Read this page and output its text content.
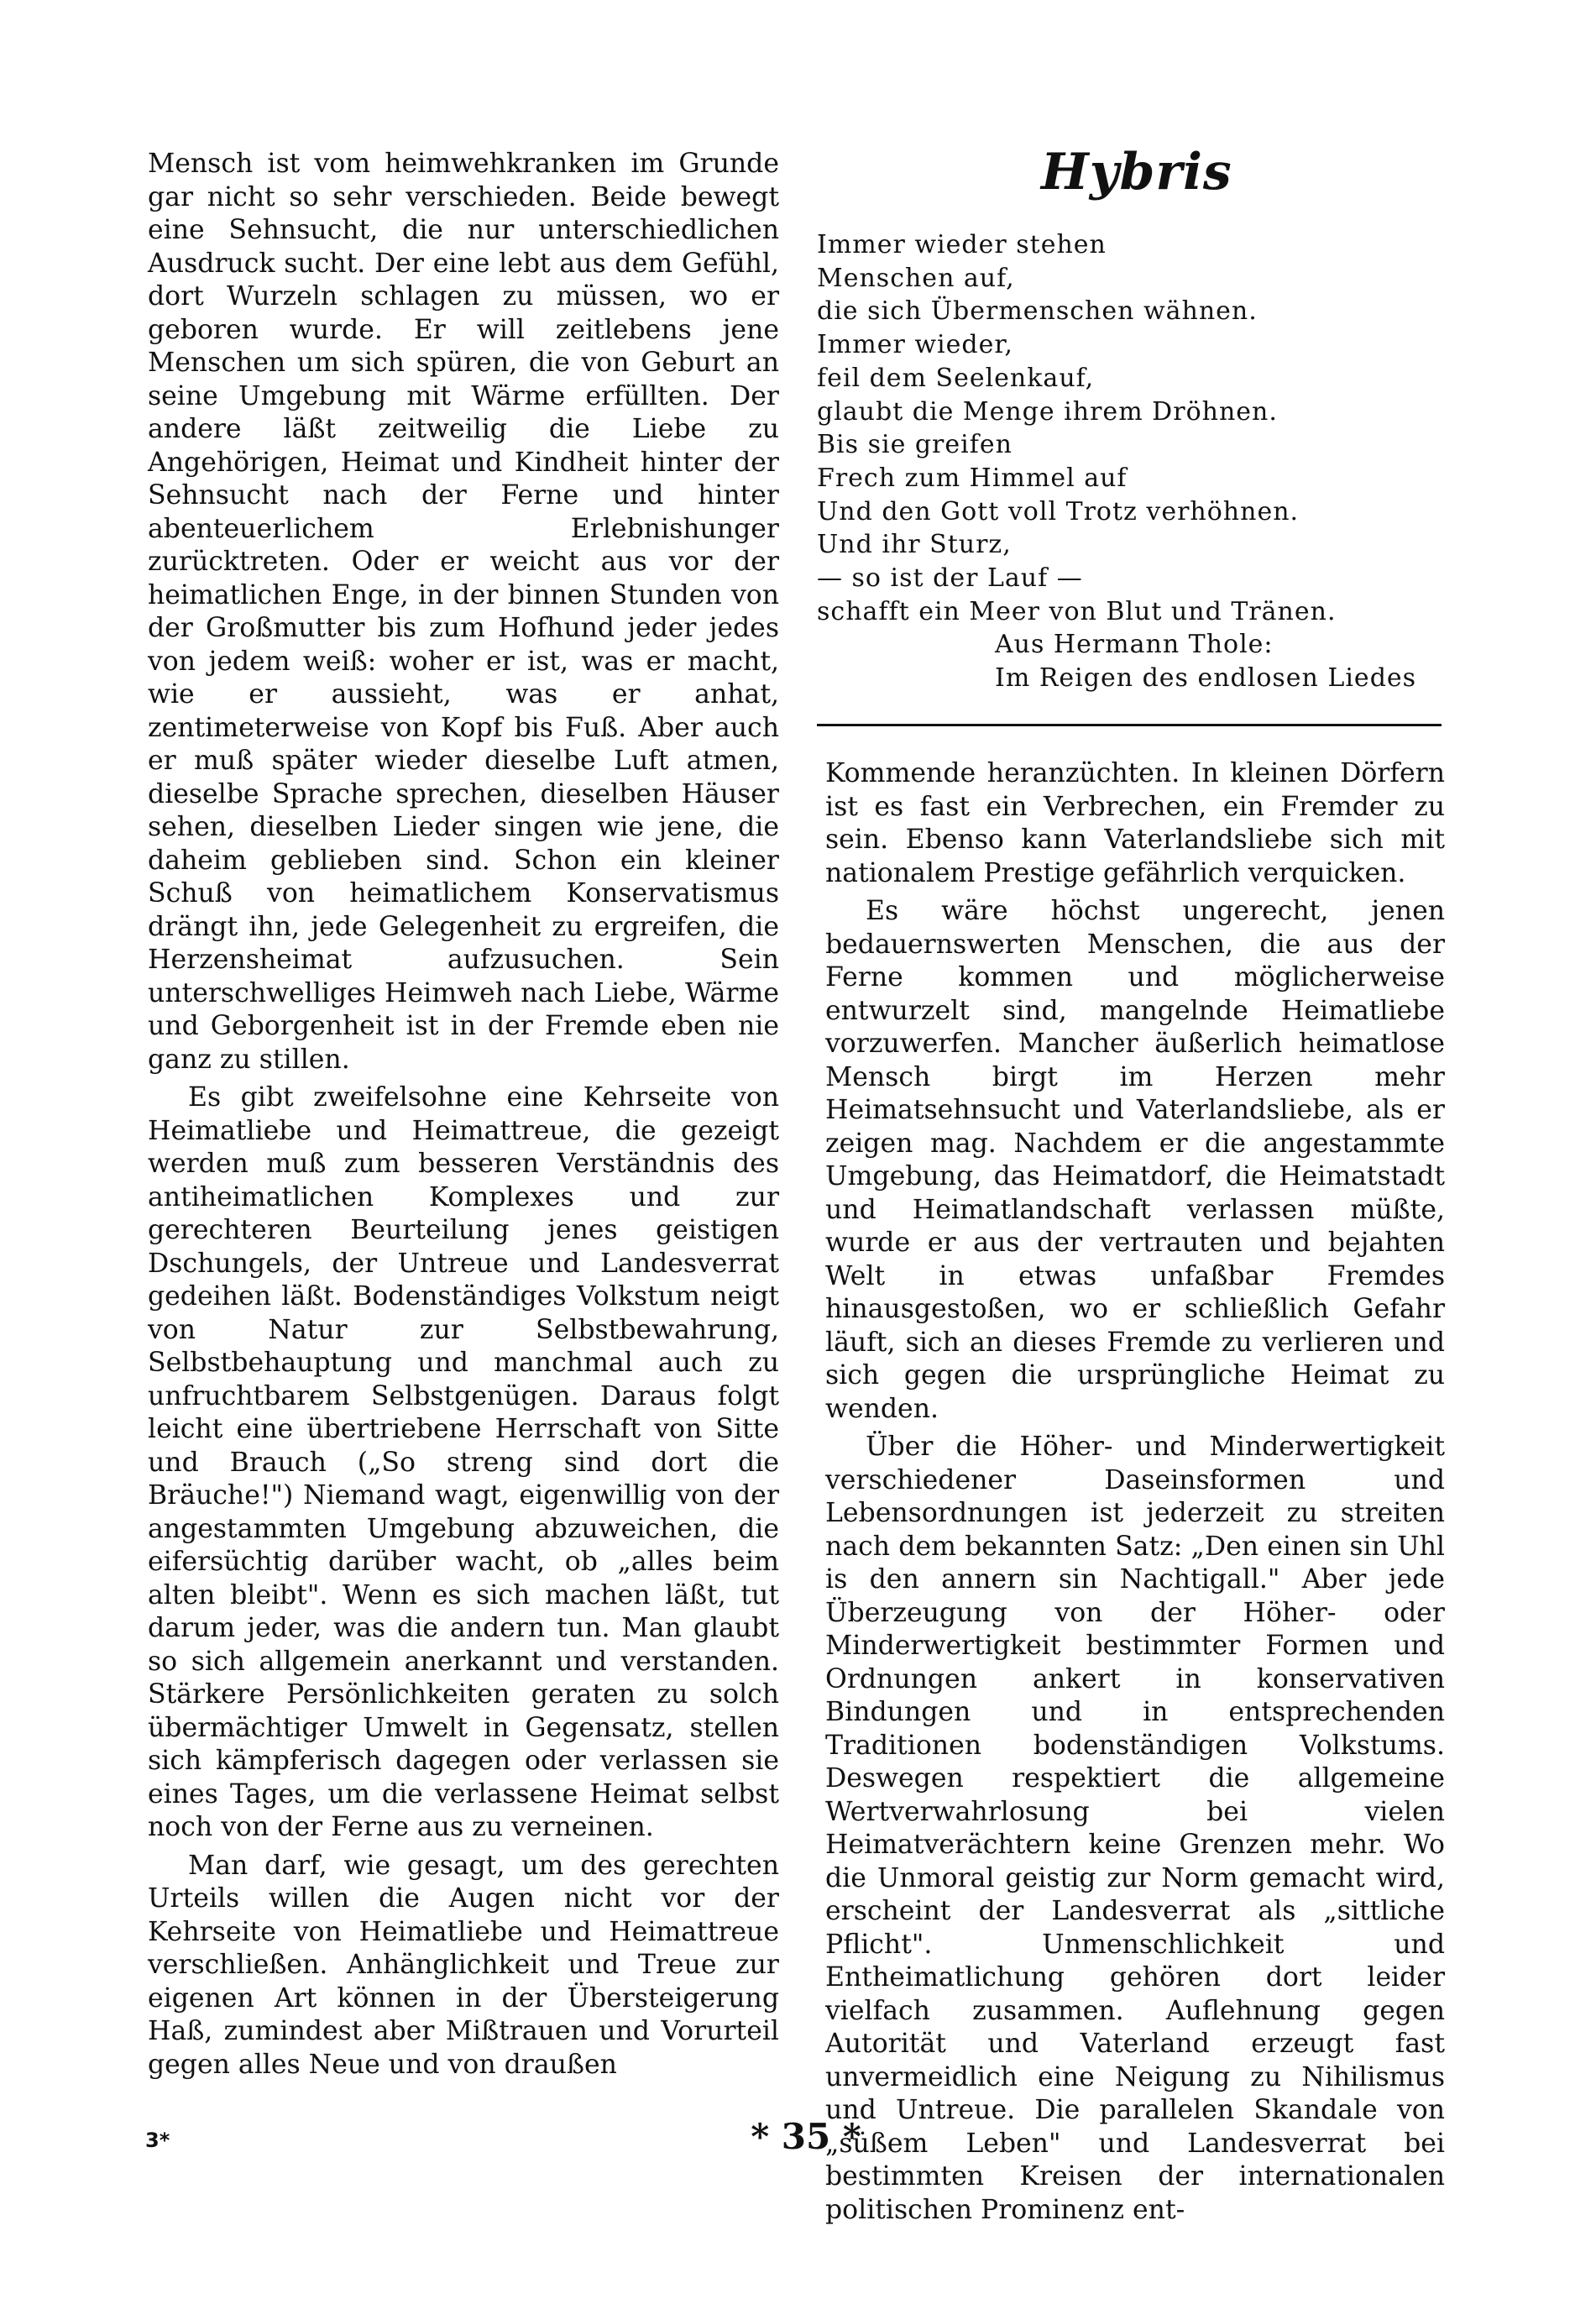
Mensch ist vom heimwehkranken im Grunde gar nicht so sehr verschieden. Beide bewegt eine Sehnsucht, die nur unterschiedlichen Ausdruck sucht. Der eine lebt aus dem Gefühl, dort Wurzeln schlagen zu müssen, wo er geboren wurde. Er will zeitlebens jene Menschen um sich spüren, die von Geburt an seine Umgebung mit Wärme erfüllten. Der andere läßt zeitweilig die Liebe zu Angehörigen, Heimat und Kindheit hinter der Sehnsucht nach der Ferne und hinter abenteuerlichem Erlebnishunger zurücktreten. Oder er weicht aus vor der heimatlichen Enge, in der binnen Stunden von der Großmutter bis zum Hofhund jeder jedes von jedem weiß: woher er ist, was er macht, wie er aussieht, was er anhat, zentimeterweise von Kopf bis Fuß. Aber auch er muß später wieder dieselbe Luft atmen, dieselbe Sprache sprechen, dieselben Häuser sehen, dieselben Lieder singen wie jene, die daheim geblieben sind. Schon ein kleiner Schuß von heimatlichem Konservatismus drängt ihn, jede Gelegenheit zu ergreifen, die Herzensheimat aufzusuchen. Sein unterschwelliges Heimweh nach Liebe, Wärme und Geborgenheit ist in der Fremde eben nie ganz zu stillen.

Es gibt zweifelsohne eine Kehrseite von Heimatliebe und Heimattreue, die gezeigt werden muß zum besseren Verständnis des antiheimatlichen Komplexes und zur gerechteren Beurteilung jenes geistigen Dschungels, der Untreue und Landesverrat gedeihen läßt. Bodenständiges Volkstum neigt von Natur zur Selbstbewahrung, Selbstbehauptung und manchmal auch zu unfruchtbarem Selbstgenügen. Daraus folgt leicht eine übertriebene Herrschaft von Sitte und Brauch („So streng sind dort die Bräuche!") Niemand wagt, eigenwillig von der angestammten Umgebung abzuweichen, die eifersüchtig darüber wacht, ob „alles beim alten bleibt". Wenn es sich machen läßt, tut darum jeder, was die andern tun. Man glaubt so sich allgemein anerkannt und verstanden. Stärkere Persönlichkeiten geraten zu solch übermächtiger Umwelt in Gegensatz, stellen sich kämpferisch dagegen oder verlassen sie eines Tages, um die verlassene Heimat selbst noch von der Ferne aus zu verneinen.

Man darf, wie gesagt, um des gerechten Urteils willen die Augen nicht vor der Kehrseite von Heimatliebe und Heimattreue verschließen. Anhänglichkeit und Treue zur eigenen Art können in der Übersteigerung Haß, zumindest aber Mißtrauen und Vorurteil gegen alles Neue und von draußen

Hybris
Immer wieder stehen
Menschen auf,
die sich Übermenschen wähnen.
Immer wieder,
feil dem Seelenkauf,
glaubt die Menge ihrem Dröhnen.
Bis sie greifen
Frech zum Himmel auf
Und den Gott voll Trotz verhöhnen.
Und ihr Sturz,
— so ist der Lauf —
schafft ein Meer von Blut und Tränen.
Aus Hermann Thole:
Im Reigen des endlosen Liedes

Kommende heranzüchten. In kleinen Dörfern ist es fast ein Verbrechen, ein Fremder zu sein. Ebenso kann Vaterlandsliebe sich mit nationalem Prestige gefährlich verquicken.

Es wäre höchst ungerecht, jenen bedauernswerten Menschen, die aus der Ferne kommen und möglicherweise entwurzelt sind, mangelnde Heimatliebe vorzuwerfen. Mancher äußerlich heimatlose Mensch birgt im Herzen mehr Heimatsehnsucht und Vaterlandsliebe, als er zeigen mag. Nachdem er die angestammte Umgebung, das Heimatdorf, die Heimatstadt und Heimatlandschaft verlassen müßte, wurde er aus der vertrauten und bejahten Welt in etwas unfaßbar Fremdes hinausgestoßen, wo er schließlich Gefahr läuft, sich an dieses Fremde zu verlieren und sich gegen die ursprüngliche Heimat zu wenden.

Über die Höher- und Minderwertigkeit verschiedener Daseinsformen und Lebensordnungen ist jederzeit zu streiten nach dem bekannten Satz: „Den einen sin Uhl is den annern sin Nachtigall." Aber jede Überzeugung von der Höher- oder Minderwertigkeit bestimmter Formen und Ordnungen ankert in konservativen Bindungen und in entsprechenden Traditionen bodenständigen Volkstums. Deswegen respektiert die allgemeine Wertverwahrlosung bei vielen Heimatverächtern keine Grenzen mehr. Wo die Unmoral geistig zur Norm gemacht wird, erscheint der Landesverrat als „sittliche Pflicht". Unmenschlichkeit und Entheimatlichung gehören dort leider vielfach zusammen. Auflehnung gegen Autorität und Vaterland erzeugt fast unvermeidlich eine Neigung zu Nihilismus und Untreue. Die parallelen Skandale von „süßem Leben" und Landesverrat bei bestimmten Kreisen der internationalen politischen Prominenz ent-

3*	* 35 *
